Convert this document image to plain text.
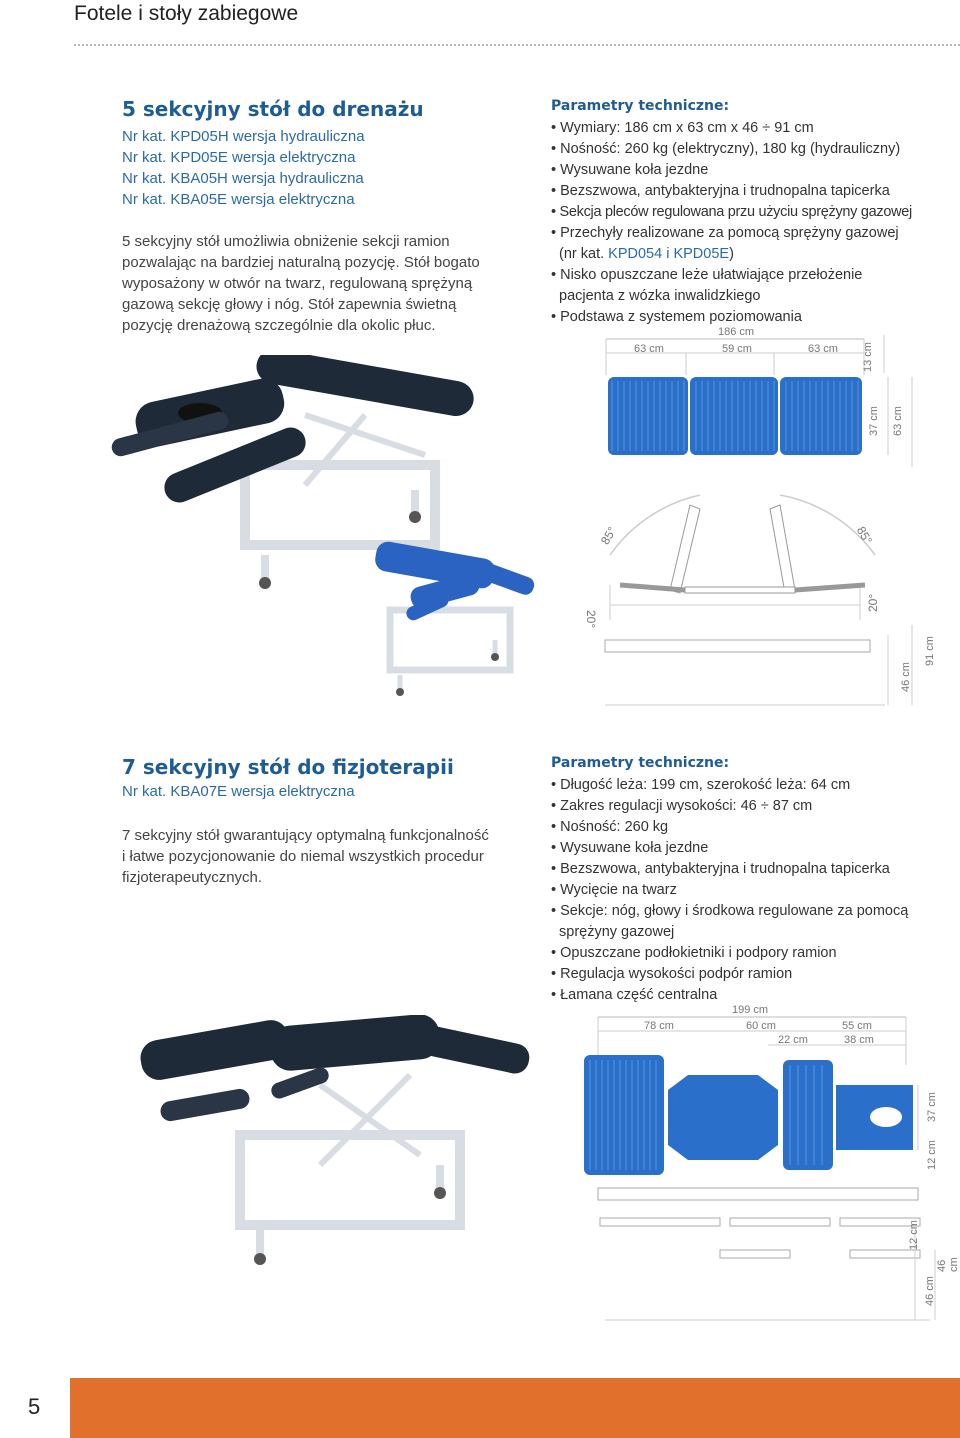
Fotele i stoły zabiegowe
5 sekcyjny stół do drenażu
Nr kat. KPD05H wersja hydrauliczna
Nr kat. KPD05E wersja elektryczna
Nr kat. KBA05H wersja hydrauliczna
Nr kat. KBA05E wersja elektryczna
5 sekcyjny stół umożliwia obniżenie sekcji ramion
pozwalając na bardziej naturalną pozycję. Stół bogato
wyposażony w otwór na twarz, regulowaną sprężyną
gazową sekcję głowy i nóg. Stół zapewnia świetną
pozycję drenażową szczególnie dla okolic płuc.
Parametry techniczne:
• Wymiary: 186 cm x 63 cm x 46 ÷ 91 cm
• Nośność: 260 kg (elektryczny), 180 kg (hydrauliczny)
• Wysuwane koła jezdne
• Bezszwowa, antybakteryjna i trudnopalna tapicerka
• Sekcja pleców regulowana przu użyciu sprężyny gazowej
• Przechyły realizowane za pomocą sprężyny gazowej
(nr kat. KPD054 i KPD05E)
• Nisko opuszczane leże ułatwiające przełożenie
pacjenta z wózka inwalidzkiego
• Podstawa z systemem poziomowania
186 cm
63 cm	59 cm	63 cm 13 cm
37 cm 63 cm
85°	85°
20°
20°
46 cm
91 cm
7 sekcyjny stół do fizjoterapii
Nr kat. KBA07E wersja elektryczna
7 sekcyjny stół gwarantujący optymalną funkcjonalność
i łatwe pozycjonowanie do niemal wszystkich procedur
fizjoterapeutycznych.
Parametry techniczne:
• Długość leża: 199 cm, szerokość leża: 64 cm
• Zakres regulacji wysokości: 46 ÷ 87 cm
• Nośność: 260 kg
• Wysuwane koła jezdne
• Bezszwowa, antybakteryjna i trudnopalna tapicerka
• Wycięcie na twarz
• Sekcje: nóg, głowy i środkowa regulowane za pomocą
sprężyny gazowej
• Opuszczane podłokietniki i podpory ramion
• Regulacja wysokości podpór ramion
• Łamana część centralna
199 cm
78 cm	60 cm	55 cm
22 cm	38 cm
37 cm
12 cm
12 cm
46 cm
46 cm
5
